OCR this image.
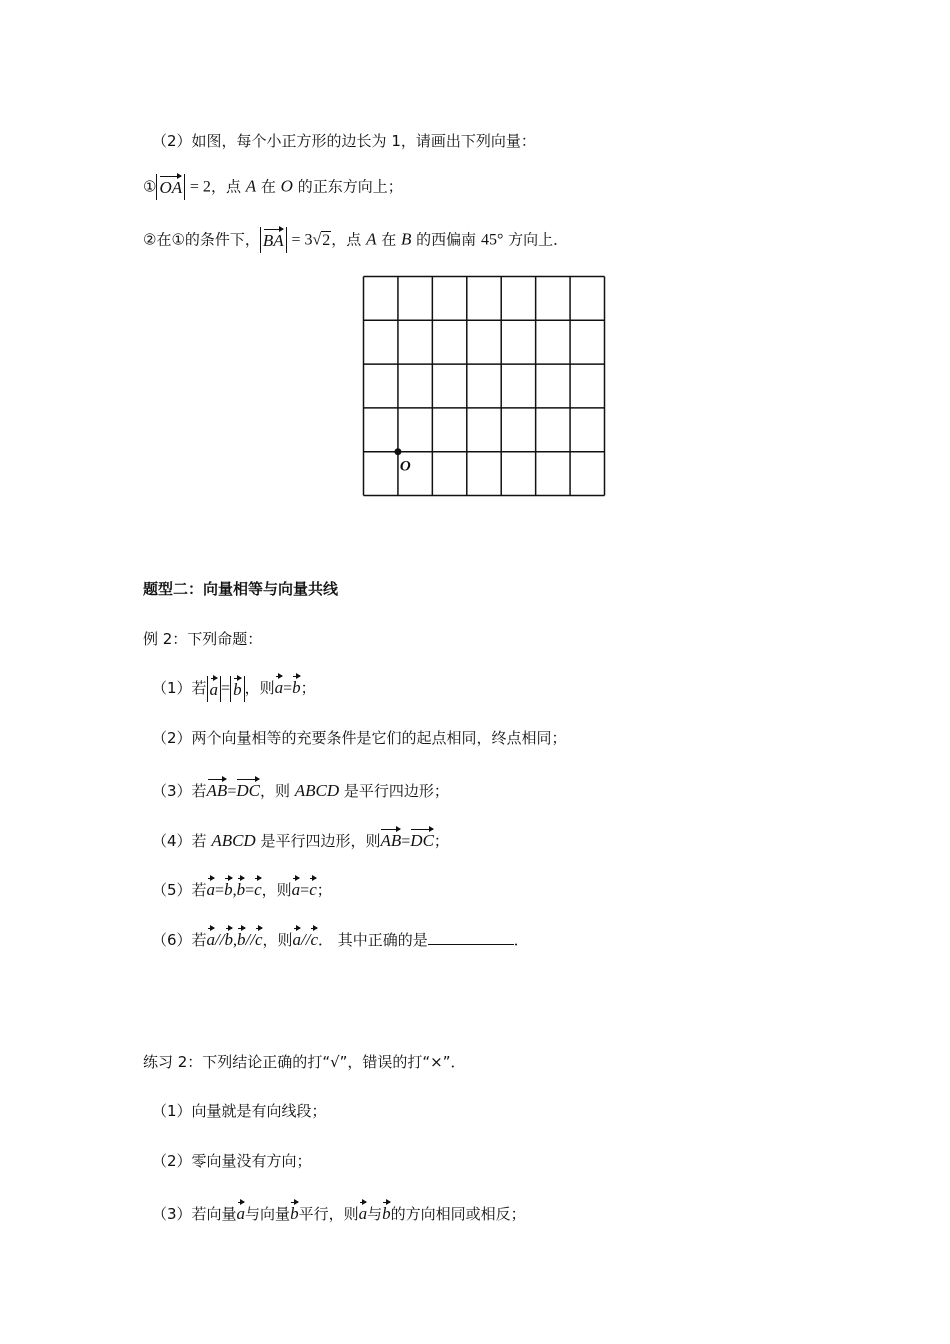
（2）如图，每个小正方形的边长为 1，请画出下列向量：
① OA = 2，点 A 在 O 的正东方向上；
②在①的条件下， BA = 3√2，点 A 在 B 的西偏南 45° 方向上．
O
题型二：向量相等与向量共线
例 2：下列命题：
（1）若 a = b ，则a=b；
（2）两个向量相等的充要条件是它们的起点相同，终点相同；
（3）若AB=DC，则 ABCD 是平行四边形；
（4）若 ABCD 是平行四边形，则AB=DC；
（5）若a=b,b=c，则a=c；
（6）若a//b,b//c，则a//c． 其中正确的是	．
练习 2：下列结论正确的打“√”，错误的打“×”．
（1）向量就是有向线段；
（2）零向量没有方向；
（3）若向量a与向量b平行，则a与b的方向相同或相反；
